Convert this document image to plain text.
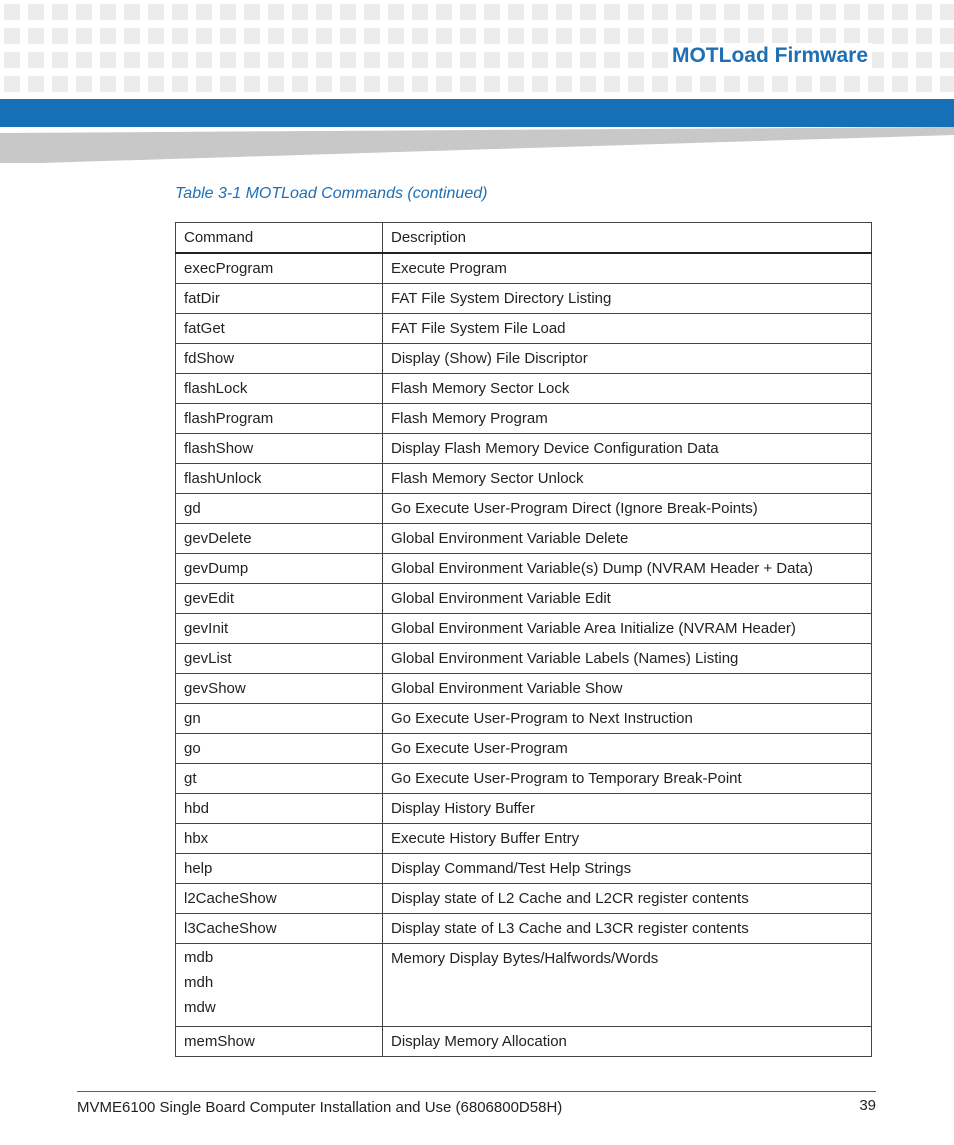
MOTLoad Firmware
Table 3-1 MOTLoad Commands (continued)
Command	Description
execProgram	Execute Program
fatDir	FAT File System Directory Listing
fatGet	FAT File System File Load
fdShow	Display (Show) File Discriptor
flashLock	Flash Memory Sector Lock
flashProgram	Flash Memory Program
flashShow	Display Flash Memory Device Configuration Data
flashUnlock	Flash Memory Sector Unlock
gd	Go Execute User-Program Direct (Ignore Break-Points)
gevDelete	Global Environment Variable Delete
gevDump	Global Environment Variable(s) Dump (NVRAM Header + Data)
gevEdit	Global Environment Variable Edit
gevInit	Global Environment Variable Area Initialize (NVRAM Header)
gevList	Global Environment Variable Labels (Names) Listing
gevShow	Global Environment Variable Show
gn	Go Execute User-Program to Next Instruction
go	Go Execute User-Program
gt	Go Execute User-Program to Temporary Break-Point
hbd	Display History Buffer
hbx	Execute History Buffer Entry
help	Display Command/Test Help Strings
l2CacheShow	Display state of L2 Cache and L2CR register contents
l3CacheShow	Display state of L3 Cache and L3CR register contents

mdb
mdh
mdw	Memory Display Bytes/Halfwords/Words
memShow	Display Memory Allocation
MVME6100 Single Board Computer Installation and Use (6806800D58H)	39
